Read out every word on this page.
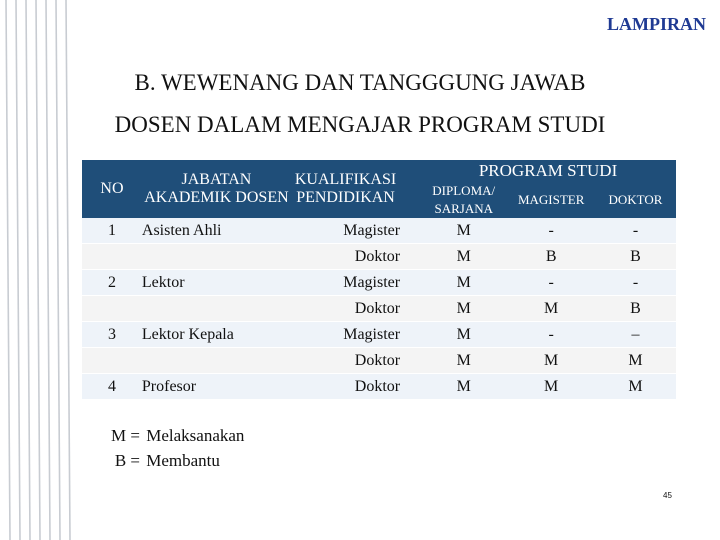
LAMPIRAN
B. WEWENANG DAN TANGGGUNG JAWAB
DOSEN DALAM MENGAJAR PROGRAM STUDI
NO	JABATAN AKADEMIK DOSEN	KUALIFIKASI PENDIDIKAN	PROGRAM STUDI		
			DIPLOMA/ SARJANA	MAGISTER	DOKTOR
1	Asisten Ahli	Magister	M	-	-
		Doktor	M	B	B
2	Lektor	Magister	M	-	-
		Doktor	M	M	B
3	Lektor Kepala	Magister	M	-	–
		Doktor	M	M	M
4	Profesor	Doktor	M	M	M
M = Melaksanakan
B = Membantu
45
